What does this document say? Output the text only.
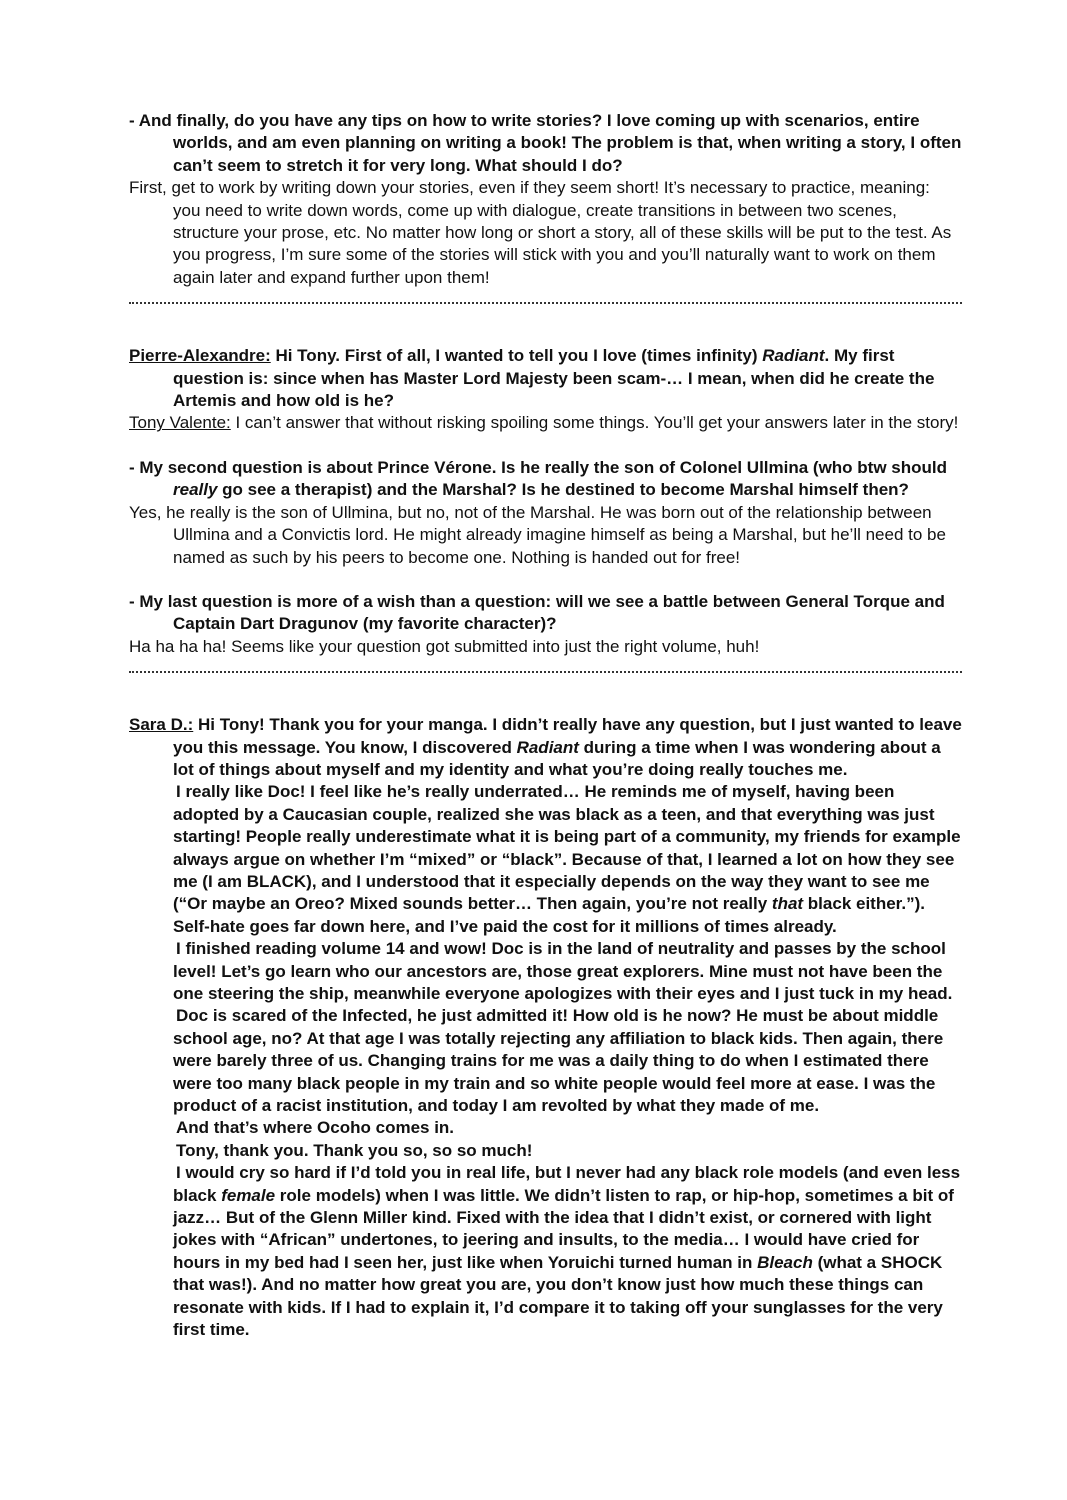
- And finally, do you have any tips on how to write stories? I love coming up with scenarios, entire worlds, and am even planning on writing a book! The problem is that, when writing a story, I often can’t seem to stretch it for very long. What should I do?

First, get to work by writing down your stories, even if they seem short! It’s necessary to practice, meaning: you need to write down words, come up with dialogue, create transitions in between two scenes, structure your prose, etc. No matter how long or short a story, all of these skills will be put to the test. As you progress, I’m sure some of the stories will stick with you and you’ll naturally want to work on them again later and expand further upon them!

Pierre-Alexandre: Hi Tony. First of all, I wanted to tell you I love (times infinity) Radiant. My first question is: since when has Master Lord Majesty been scam-… I mean, when did he create the Artemis and how old is he?

Tony Valente: I can’t answer that without risking spoiling some things. You’ll get your answers later in the story!

- My second question is about Prince Vérone. Is he really the son of Colonel Ullmina (who btw should really go see a therapist) and the Marshal? Is he destined to become Marshal himself then?

Yes, he really is the son of Ullmina, but no, not of the Marshal. He was born out of the relationship between Ullmina and a Convictis lord. He might already imagine himself as being a Marshal, but he’ll need to be named as such by his peers to become one. Nothing is handed out for free!

- My last question is more of a wish than a question: will we see a battle between General Torque and Captain Dart Dragunov (my favorite character)?

Ha ha ha ha! Seems like your question got submitted into just the right volume, huh!

Sara D.: Hi Tony! Thank you for your manga. I didn’t really have any question, but I just wanted to leave you this message. You know, I discovered Radiant during a time when I was wondering about a lot of things about myself and my identity and what you’re doing really touches me.

I really like Doc! I feel like he’s really underrated… He reminds me of myself, having been adopted by a Caucasian couple, realized she was black as a teen, and that everything was just starting! People really underestimate what it is being part of a community, my friends for example always argue on whether I’m “mixed” or “black”. Because of that, I learned a lot on how they see me (I am BLACK), and I understood that it especially depends on the way they want to see me (“Or maybe an Oreo? Mixed sounds better… Then again, you’re not really that black either.”). Self-hate goes far down here, and I’ve paid the cost for it millions of times already.

I finished reading volume 14 and wow! Doc is in the land of neutrality and passes by the school level! Let’s go learn who our ancestors are, those great explorers. Mine must not have been the one steering the ship, meanwhile everyone apologizes with their eyes and I just tuck in my head.

Doc is scared of the Infected, he just admitted it! How old is he now? He must be about middle school age, no? At that age I was totally rejecting any affiliation to black kids. Then again, there were barely three of us. Changing trains for me was a daily thing to do when I estimated there were too many black people in my train and so white people would feel more at ease. I was the product of a racist institution, and today I am revolted by what they made of me.

And that’s where Ocoho comes in.

Tony, thank you. Thank you so, so so much!

I would cry so hard if I’d told you in real life, but I never had any black role models (and even less black female role models) when I was little. We didn’t listen to rap, or hip-hop, sometimes a bit of jazz… But of the Glenn Miller kind. Fixed with the idea that I didn’t exist, or cornered with light jokes with “African” undertones, to jeering and insults, to the media… I would have cried for hours in my bed had I seen her, just like when Yoruichi turned human in Bleach (what a SHOCK that was!). And no matter how great you are, you don’t know just how much these things can resonate with kids. If I had to explain it, I’d compare it to taking off your sunglasses for the very first time.
